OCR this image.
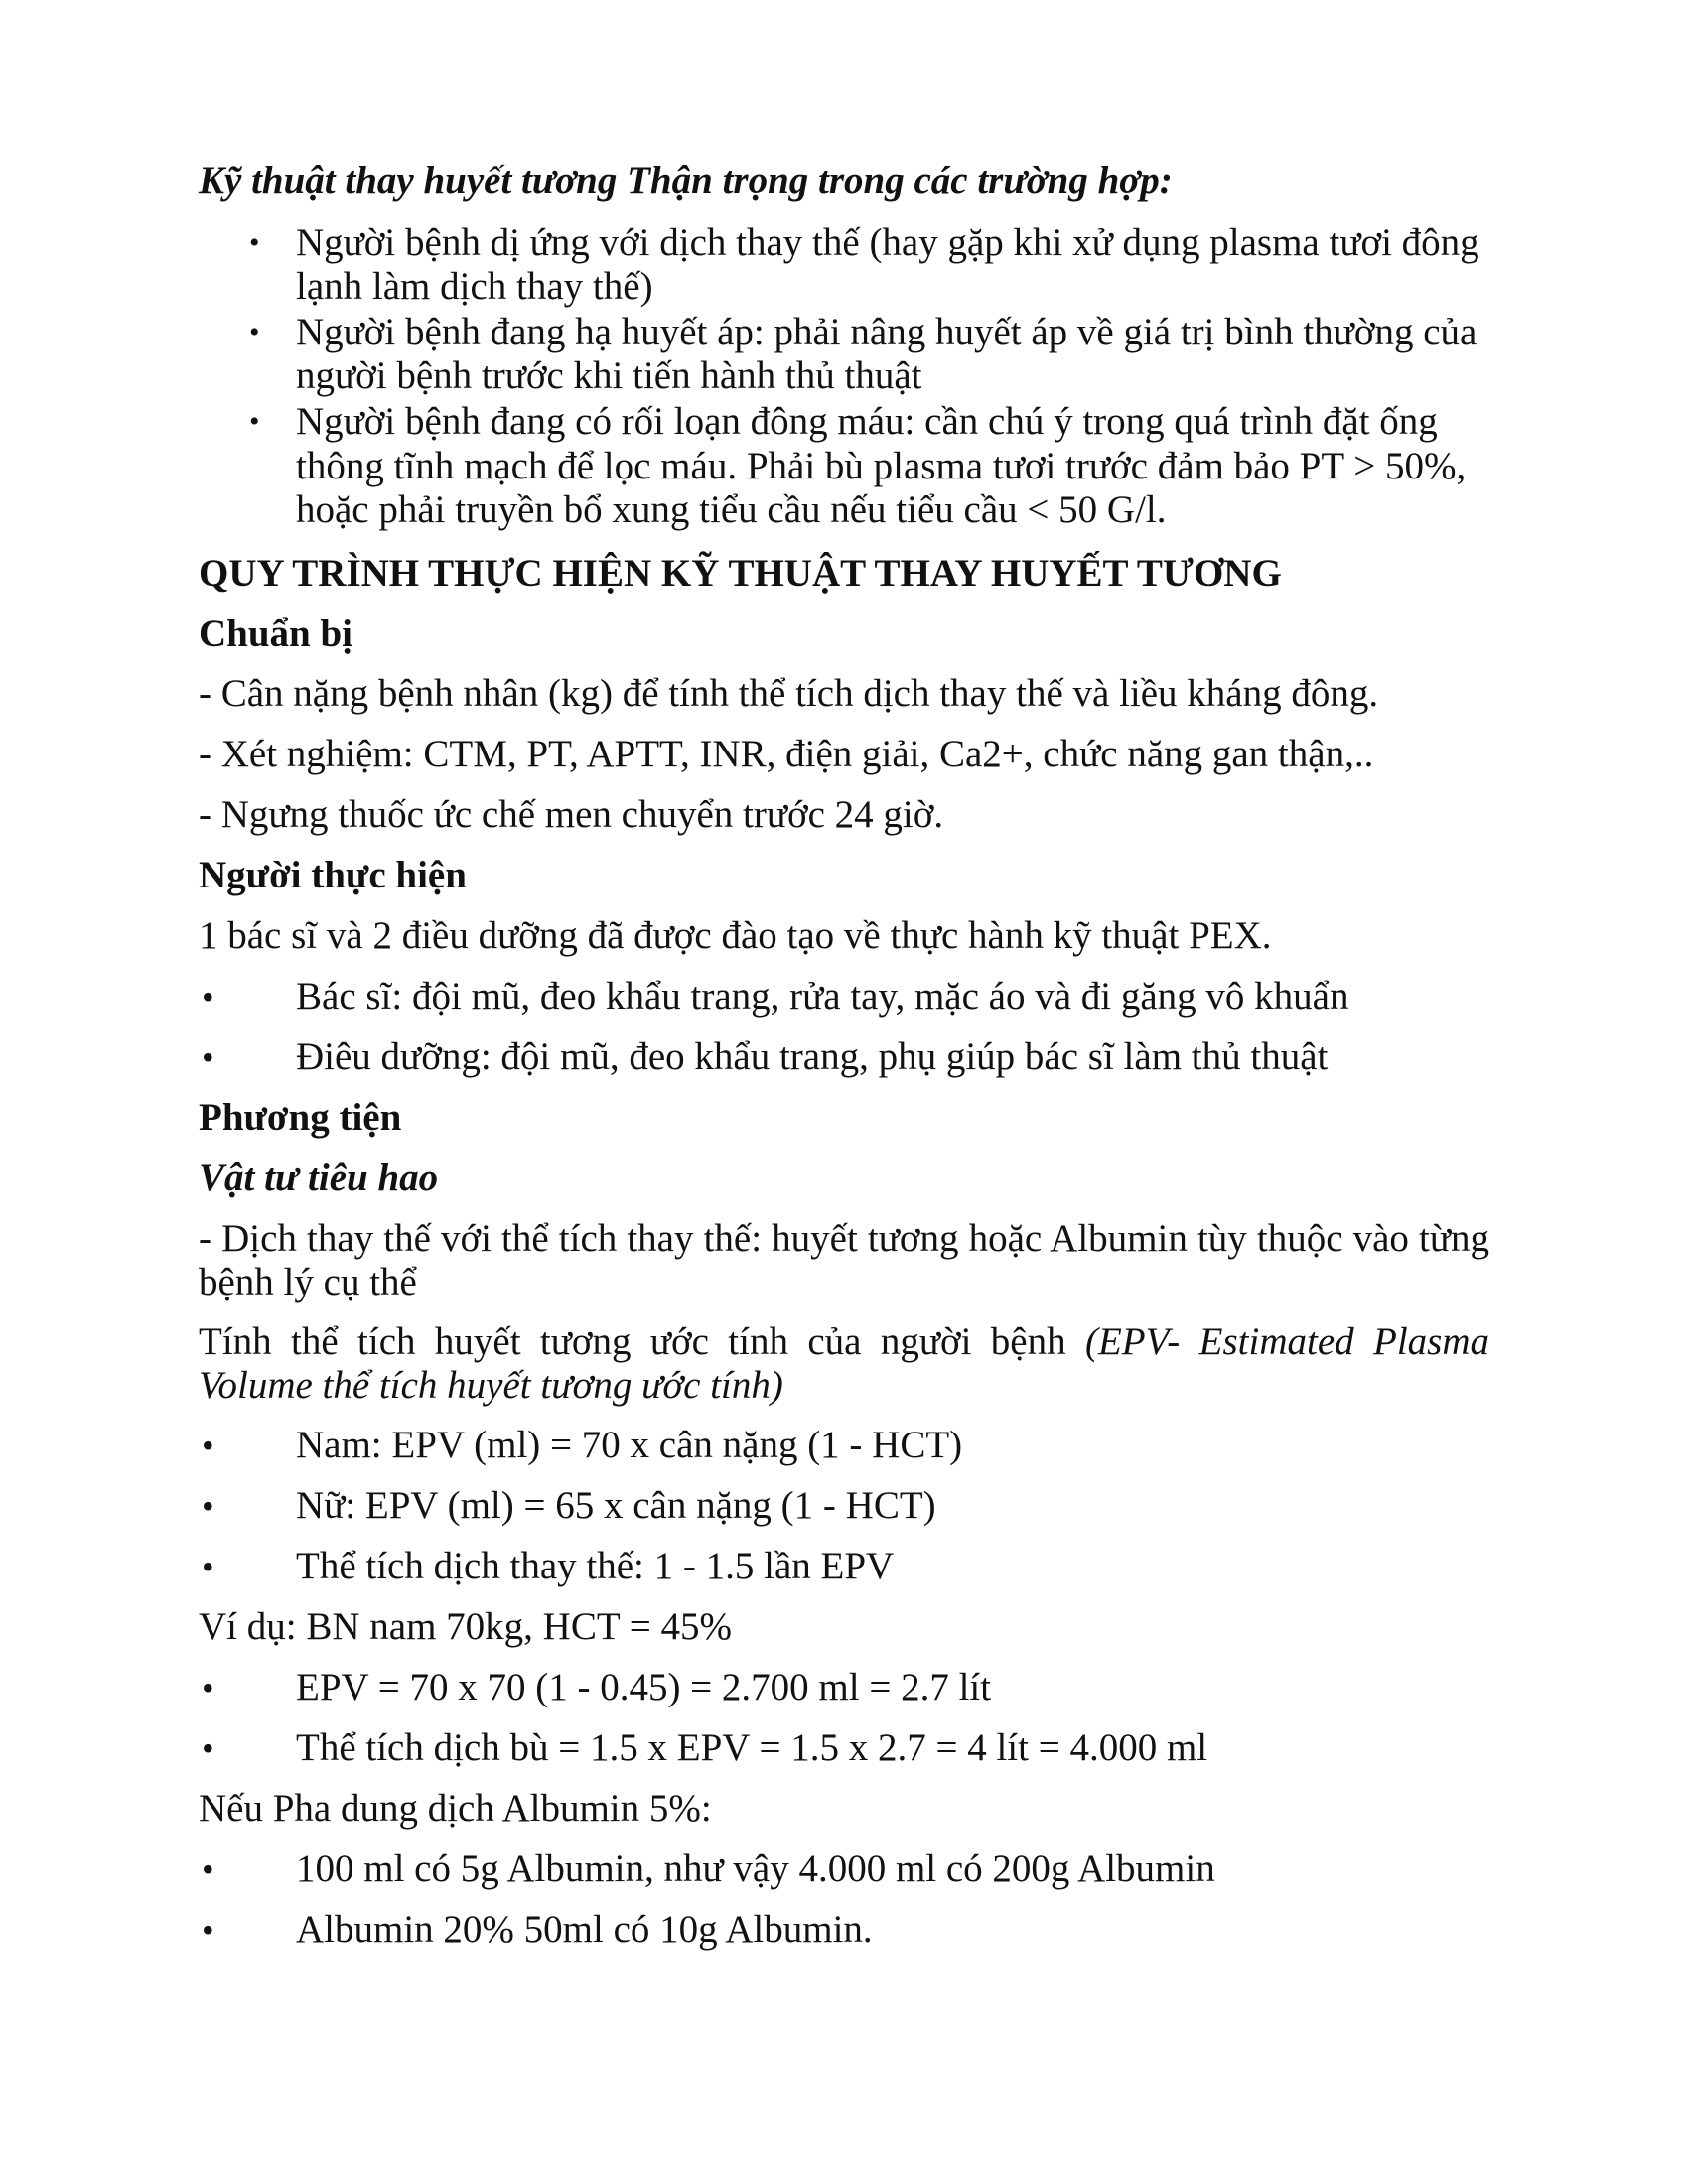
Kỹ thuật thay huyết tương Thận trọng trong các trường hợp:
• Người bệnh dị ứng với dịch thay thế (hay gặp khi xử dụng plasma tươi đông
lạnh làm dịch thay thế)
• Người bệnh đang hạ huyết áp: phải nâng huyết áp về giá trị bình thường của
người bệnh trước khi tiến hành thủ thuật
• Người bệnh đang có rối loạn đông máu: cần chú ý trong quá trình đặt ống
thông tĩnh mạch để lọc máu. Phải bù plasma tươi trước đảm bảo PT > 50%,
hoặc phải truyền bổ xung tiểu cầu nếu tiểu cầu < 50 G/l.
QUY TRÌNH THỰC HIỆN KỸ THUẬT THAY HUYẾT TƯƠNG
Chuẩn bị
- Cân nặng bệnh nhân (kg) để tính thể tích dịch thay thế và liều kháng đông.
- Xét nghiệm: CTM, PT, APTT, INR, điện giải, Ca2+, chức năng gan thận,..
- Ngưng thuốc ức chế men chuyển trước 24 giờ.
Người thực hiện
1 bác sĩ và 2 điều dưỡng đã được đào tạo về thực hành kỹ thuật PEX.
• Bác sĩ: đội mũ, đeo khẩu trang, rửa tay, mặc áo và đi găng vô khuẩn
• Điêu dưỡng: đội mũ, đeo khẩu trang, phụ giúp bác sĩ làm thủ thuật
Phương tiện
Vật tư tiêu hao
- Dịch thay thế với thể tích thay thế: huyết tương hoặc Albumin tùy thuộc vào từng
bệnh lý cụ thể
Tính thể tích huyết tương ước tính của người bệnh (EPV- Estimated Plasma
Volume thể tích huyết tương ước tính)
• Nam: EPV (ml) = 70 x cân nặng (1 - HCT)
• Nữ: EPV (ml) = 65 x cân nặng (1 - HCT)
• Thể tích dịch thay thế: 1 - 1.5 lần EPV
Ví dụ: BN nam 70kg, HCT = 45%
• EPV = 70 x 70 (1 - 0.45) = 2.700 ml = 2.7 lít
• Thể tích dịch bù = 1.5 x EPV = 1.5 x 2.7 = 4 lít = 4.000 ml
Nếu Pha dung dịch Albumin 5%:
• 100 ml có 5g Albumin, như vậy 4.000 ml có 200g Albumin
• Albumin 20% 50ml có 10g Albumin.
